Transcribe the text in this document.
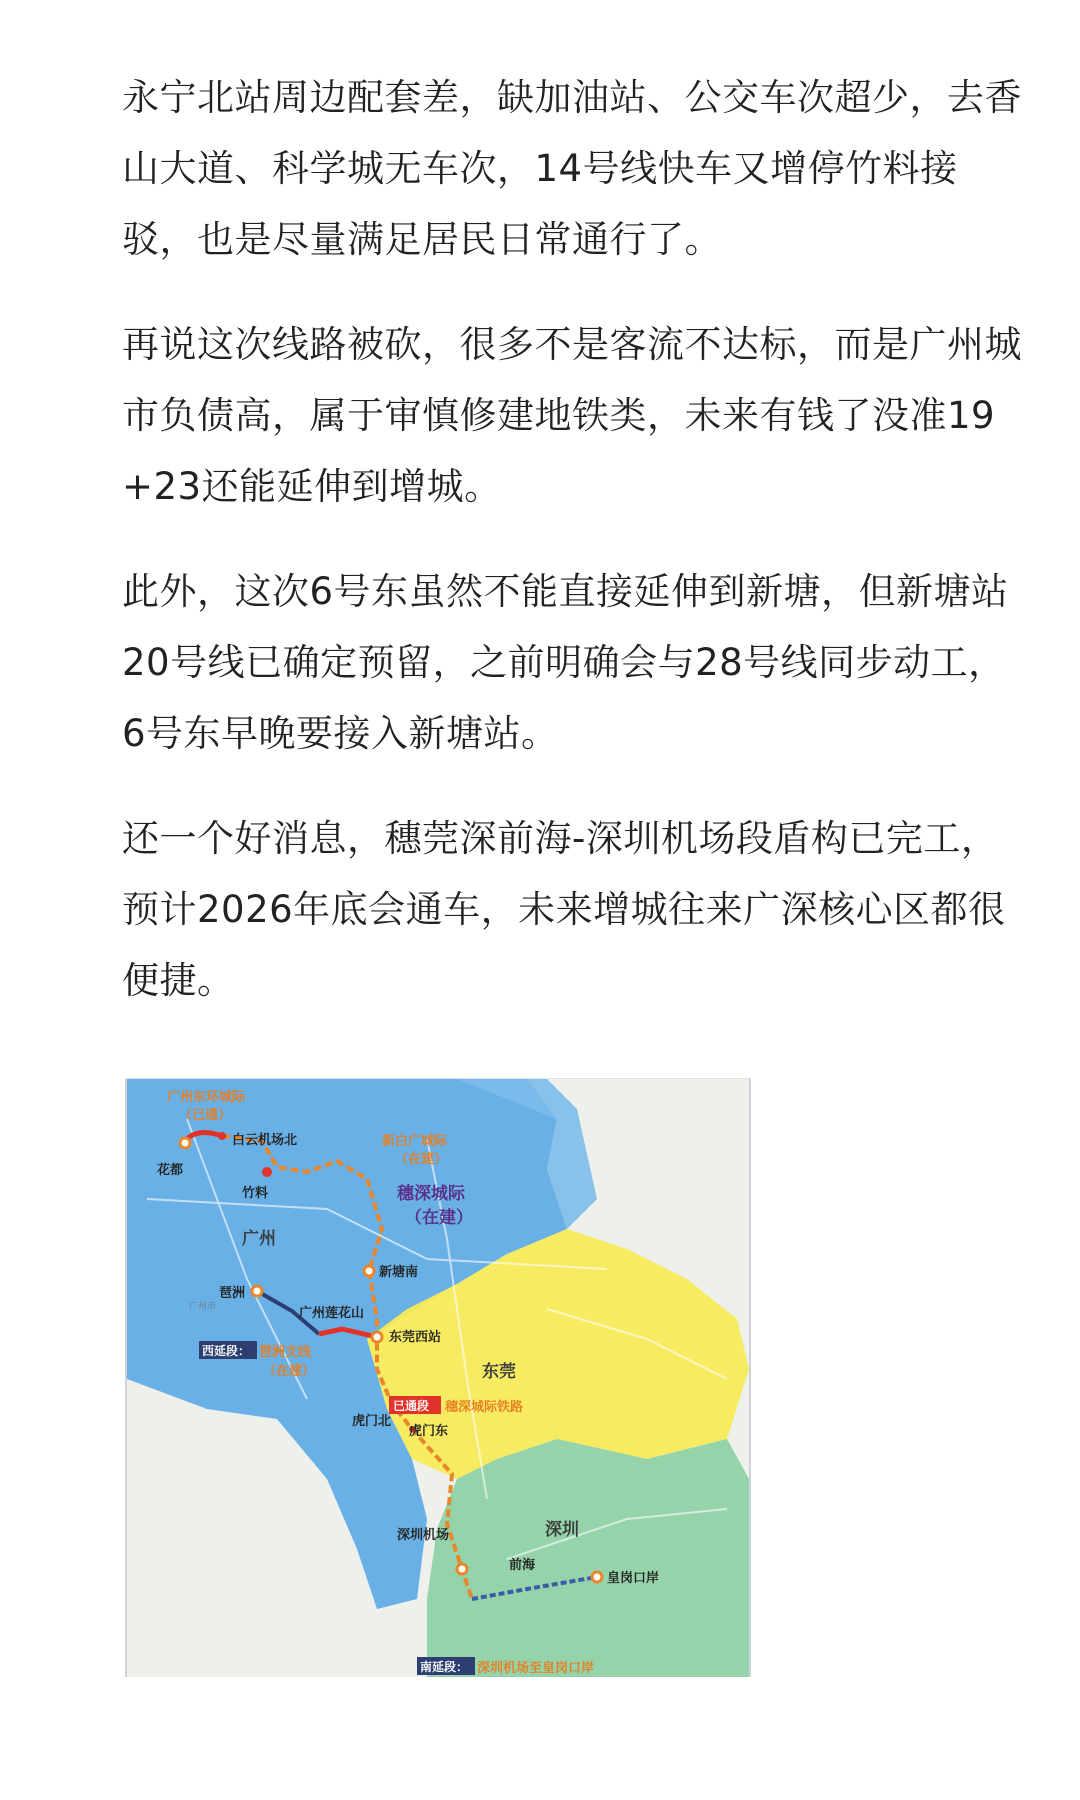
永宁北站周边配套差，缺加油站、公交车次超少，去香山大道、科学城无车次，14号线快车又增停竹料接驳，也是尽量满足居民日常通行了。

再说这次线路被砍，很多不是客流不达标，而是广州城市负债高，属于审慎修建地铁类，未来有钱了没准19+23还能延伸到增城。

此外，这次6号东虽然不能直接延伸到新塘，但新塘站20号线已确定预留，之前明确会与28号线同步动工，6号东早晚要接入新塘站。

还一个好消息，穗莞深前海-深圳机场段盾构已完工，预计2026年底会通车，未来增城往来广深核心区都很便捷。

广州东环城际
（已通）
新白广城际
（在建）
穗深城际
（在建）
花都
白云机场北
竹料
广州
新塘南
广州市
琶洲
广州莲花山
东莞西站
东莞
虎门北
虎门东
深圳机场	深圳
前海
皇岗口岸
西延段： 琶洲支线
（在建）
已通段 穗深城际铁路
南延段： 深圳机场至皇岗口岸
